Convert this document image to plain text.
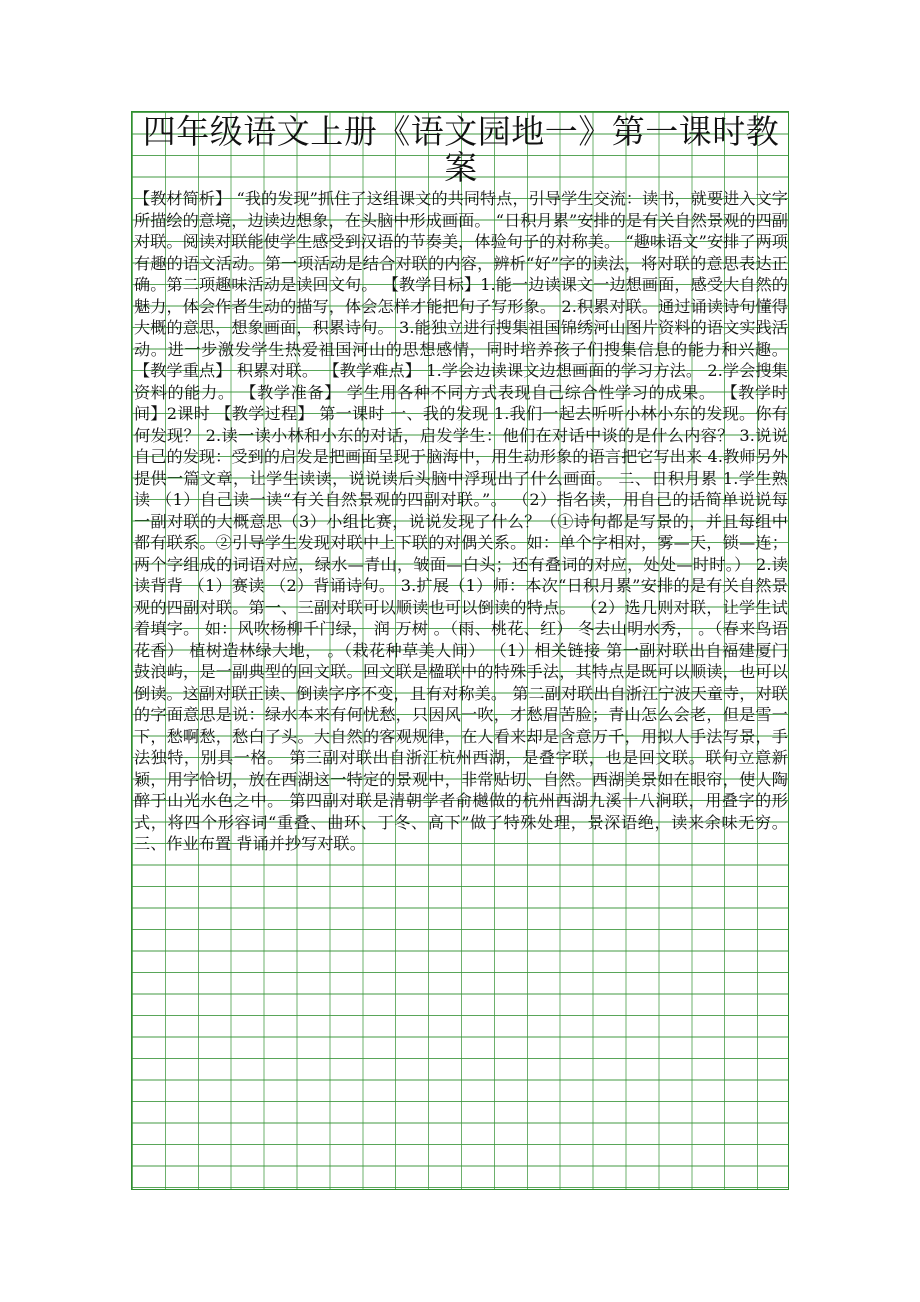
四年级语文上册《语文园地一》第一课时教案

【教材简析】 “我的发现”抓住了这组课文的共同特点，引导学生交流：读书，就要进入文字所描绘的意境，边读边想象，在头脑中形成画面。 “日积月累”安排的是有关自然景观的四副对联。阅读对联能使学生感受到汉语的节奏美，体验句子的对称美。 “趣味语文”安排了两项有趣的语文活动。第一项活动是结合对联的内容，辨析“好”字的读法，将对联的意思表达正确。第二项趣味活动是读回文句。 【教学目标】1.能一边读课文一边想画面，感受大自然的魅力，体会作者生动的描写，体会怎样才能把句子写形象。 2.积累对联。通过诵读诗句懂得大概的意思，想象画面，积累诗句。 3.能独立进行搜集祖国锦绣河山图片资料的语文实践活动。进一步激发学生热爱祖国河山的思想感情，同时培养孩子们搜集信息的能力和兴趣。 【教学重点】 积累对联。 【教学难点】 1.学会边读课文边想画面的学习方法。 2.学会搜集资料的能力。 【教学准备】 学生用各种不同方式表现自己综合性学习的成果。 【教学时间】2课时 【教学过程】 第一课时 一、我的发现 1.我们一起去听听小林小东的发现。你有何发现？ 2.读一读小林和小东的对话，启发学生：他们在对话中谈的是什么内容？ 3.说说自己的发现：受到的启发是把画面呈现于脑海中，用生动形象的语言把它写出来 4.教师另外提供一篇文章，让学生读读，说说读后头脑中浮现出了什么画面。 二、日积月累 1.学生熟读 （1）自己读一读“有关自然景观的四副对联。”。 （2）指名读，用自己的话简单说说每一副对联的大概意思（3）小组比赛，说说发现了什么？（①诗句都是写景的，并且每组中都有联系。②引导学生发现对联中上下联的对偶关系。如：单个字相对，雾—天，锁—连；两个字组成的词语对应，绿水—青山，皱面—白头；还有叠词的对应，处处—时时。） 2.读读背背 （1）赛读 （2）背诵诗句。 3.扩展（1）师：本次“日积月累”安排的是有关自然景观的四副对联。第一、三副对联可以顺读也可以倒读的特点。 （2）选几则对联，让学生试着填字。 如：风吹杨柳千门绿， 润 万树 。（雨、桃花、红） 冬去山明水秀， 。（春来鸟语花香） 植树造林绿大地， 。（栽花种草美人间） （1）相关链接 第一副对联出自福建厦门鼓浪屿，是一副典型的回文联。回文联是楹联中的特殊手法，其特点是既可以顺读，也可以倒读。这副对联正读、倒读字序不变，且有对称美。 第二副对联出自浙江宁波天童寺，对联的字面意思是说：绿水本来有何忧愁，只因风一吹，才愁眉苦脸；青山怎么会老，但是雪一下，愁啊愁，愁白了头。大自然的客观规律，在人看来却是含意万千，用拟人手法写景，手法独特，别具一格。 第三副对联出自浙江杭州西湖，是叠字联，也是回文联。联句立意新颖，用字恰切，放在西湖这一特定的景观中，非常贴切、自然。西湖美景如在眼帘，使人陶醉于山光水色之中。 第四副对联是清朝学者俞樾做的杭州西湖九溪十八涧联，用叠字的形式，将四个形容词“重叠、曲环、丁冬、高下”做了特殊处理，景深语绝，读来余味无穷。 三、作业布置 背诵并抄写对联。
